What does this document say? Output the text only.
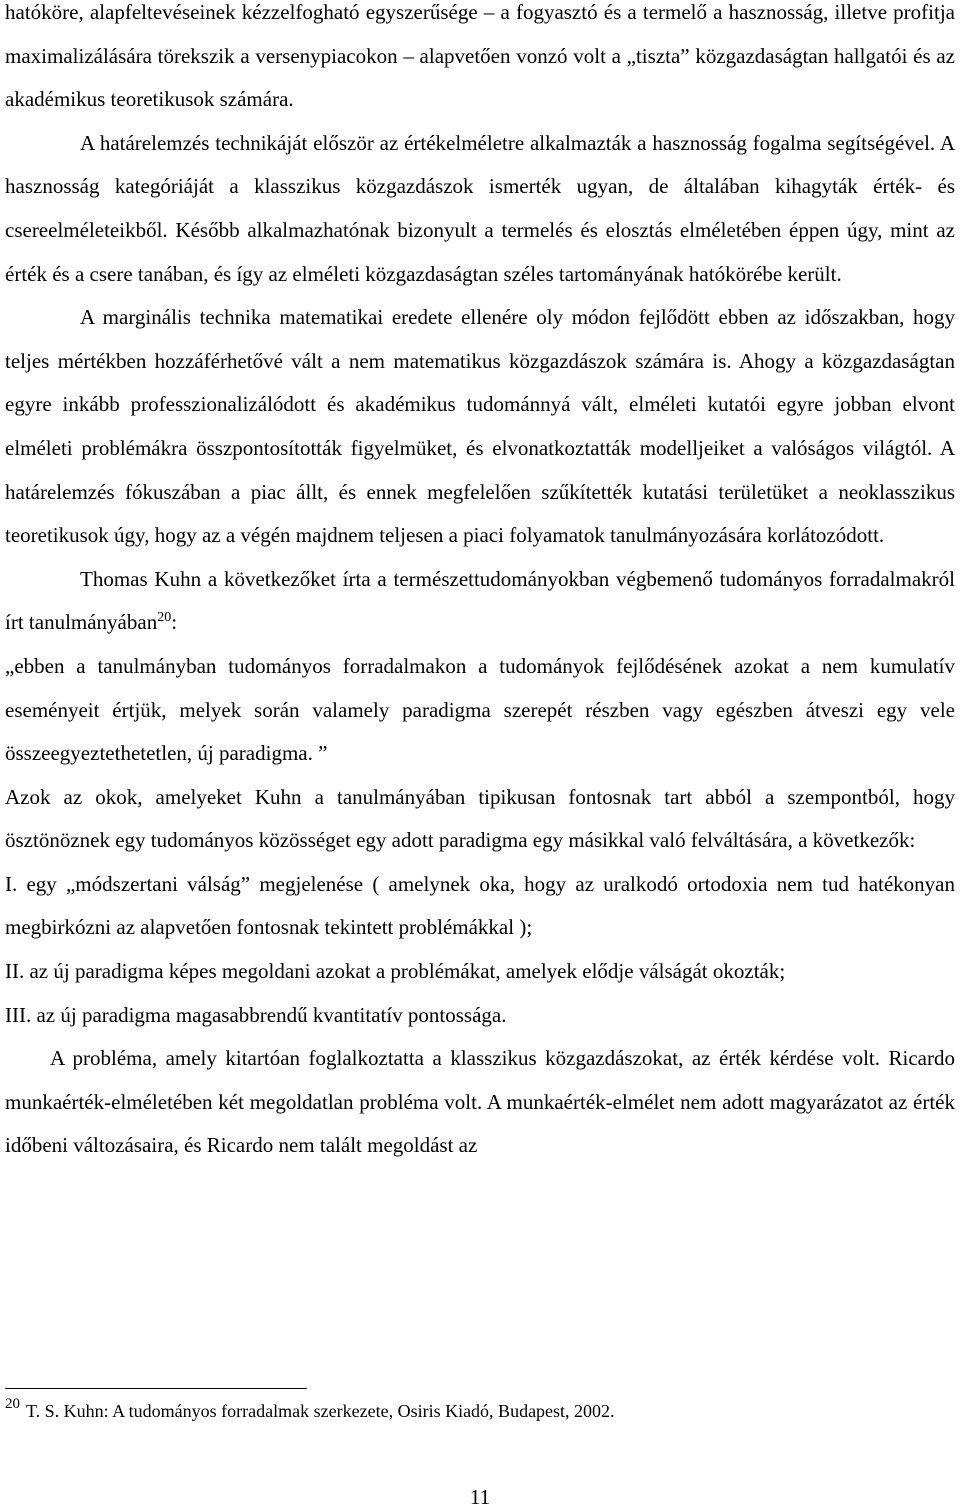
hatóköre, alapfeltevéseinek kézzelfogható egyszerűsége – a fogyasztó és a termelő a hasznosság, illetve profitja maximalizálására törekszik a versenypiacokon – alapvetően vonzó volt a „tiszta” közgazdaságtan hallgatói és az akadémikus teoretikusok számára.

A határelemzés technikáját először az értékelméletre alkalmazták a hasznosság fogalma segítségével. A hasznosság kategóriáját a klasszikus közgazdászok ismerték ugyan, de általában kihagyták érték- és csereelméleteikből. Később alkalmazhatónak bizonyult a termelés és elosztás elméletében éppen úgy, mint az érték és a csere tanában, és így az elméleti közgazdaságtan széles tartományának hatókörébe került.

A marginális technika matematikai eredete ellenére oly módon fejlődött ebben az időszakban, hogy teljes mértékben hozzáférhetővé vált a nem matematikus közgazdászok számára is. Ahogy a közgazdaságtan egyre inkább professzionalizálódott és akadémikus tudománnyá vált, elméleti kutatói egyre jobban elvont elméleti problémákra összpontosították figyelmüket, és elvonatkoztatták modelljeiket a valóságos világtól. A határelemzés fókuszában a piac állt, és ennek megfelelően szűkítették kutatási területüket a neoklasszikus teoretikusok úgy, hogy az a végén majdnem teljesen a piaci folyamatok tanulmányozására korlátozódott.

Thomas Kuhn a következőket írta a természettudományokban végbemenő tudományos forradalmakról írt tanulmányában$^{20}$:

„ebben a tanulmányban tudományos forradalmakon a tudományok fejlődésének azokat a nem kumulatív eseményeit értjük, melyek során valamely paradigma szerepét részben vagy egészben átveszi egy vele összeegyeztethetetlen, új paradigma. ”

Azok az okok, amelyeket Kuhn a tanulmányában tipikusan fontosnak tart abból a szempontból, hogy ösztönöznek egy tudományos közösséget egy adott paradigma egy másikkal való felváltására, a következők:

I. egy „módszertani válság” megjelenése ( amelynek oka, hogy az uralkodó ortodoxia nem tud hatékonyan megbirkózni az alapvetően fontosnak tekintett problémákkal );

II. az új paradigma képes megoldani azokat a problémákat, amelyek elődje válságát okozták;

III. az új paradigma magasabbrendű kvantitatív pontossága.

A probléma, amely kitartóan foglalkoztatta a klasszikus közgazdászokat, az érték kérdése volt. Ricardo munkaérték-elméletében két megoldatlan probléma volt. A munkaérték-elmélet nem adott magyarázatot az érték időbeni változásaira, és Ricardo nem talált megoldást az

$^{20}$ T. S. Kuhn: A tudományos forradalmak szerkezete, Osiris Kiadó, Budapest, 2002.

11
